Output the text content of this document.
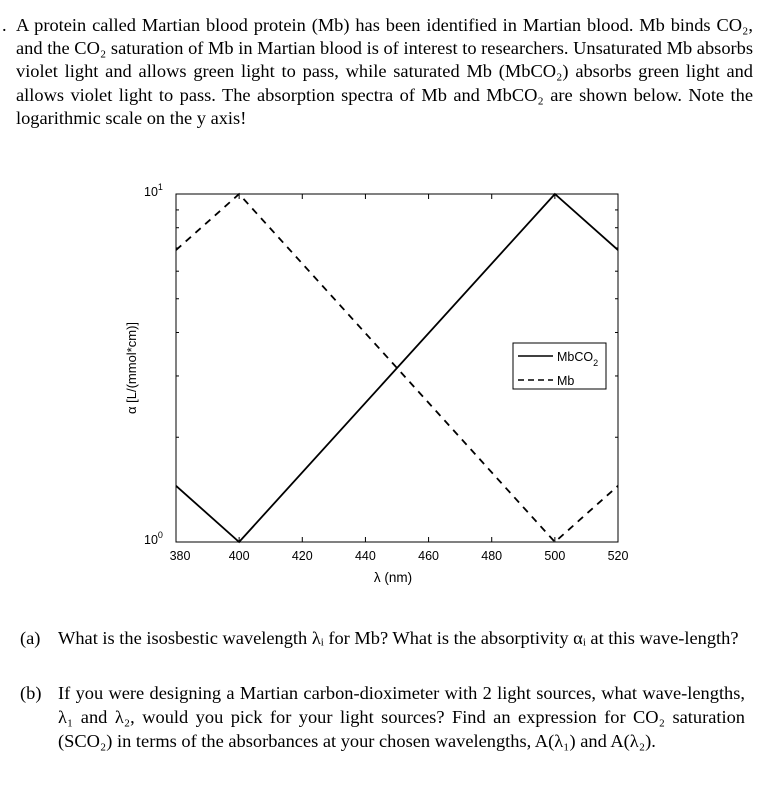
. A protein called Martian blood protein (Mb) has been identified in Martian blood. Mb binds CO₂, and the CO₂ saturation of Mb in Martian blood is of interest to researchers. Unsaturated Mb absorbs violet light and allows green light to pass, while saturated Mb (MbCO₂) absorbs green light and allows violet light to pass. The absorption spectra of Mb and MbCO₂ are shown below. Note the logarithmic scale on the y axis!
380	400	420	440	460	480	500	520
$10^0$
$10^1$
λ (nm)
α [L/(mmol*cm)]	MbCO$_2$
Mb
(a) What is the isosbestic wavelength λᵢ for Mb? What is the absorptivity αᵢ at this wave-length?
(b) If you were designing a Martian carbon-dioximeter with 2 light sources, what wave-lengths, λ₁ and λ₂, would you pick for your light sources? Find an expression for CO₂ saturation (SCO₂) in terms of the absorbances at your chosen wavelengths, A(λ₁) and A(λ₂).
